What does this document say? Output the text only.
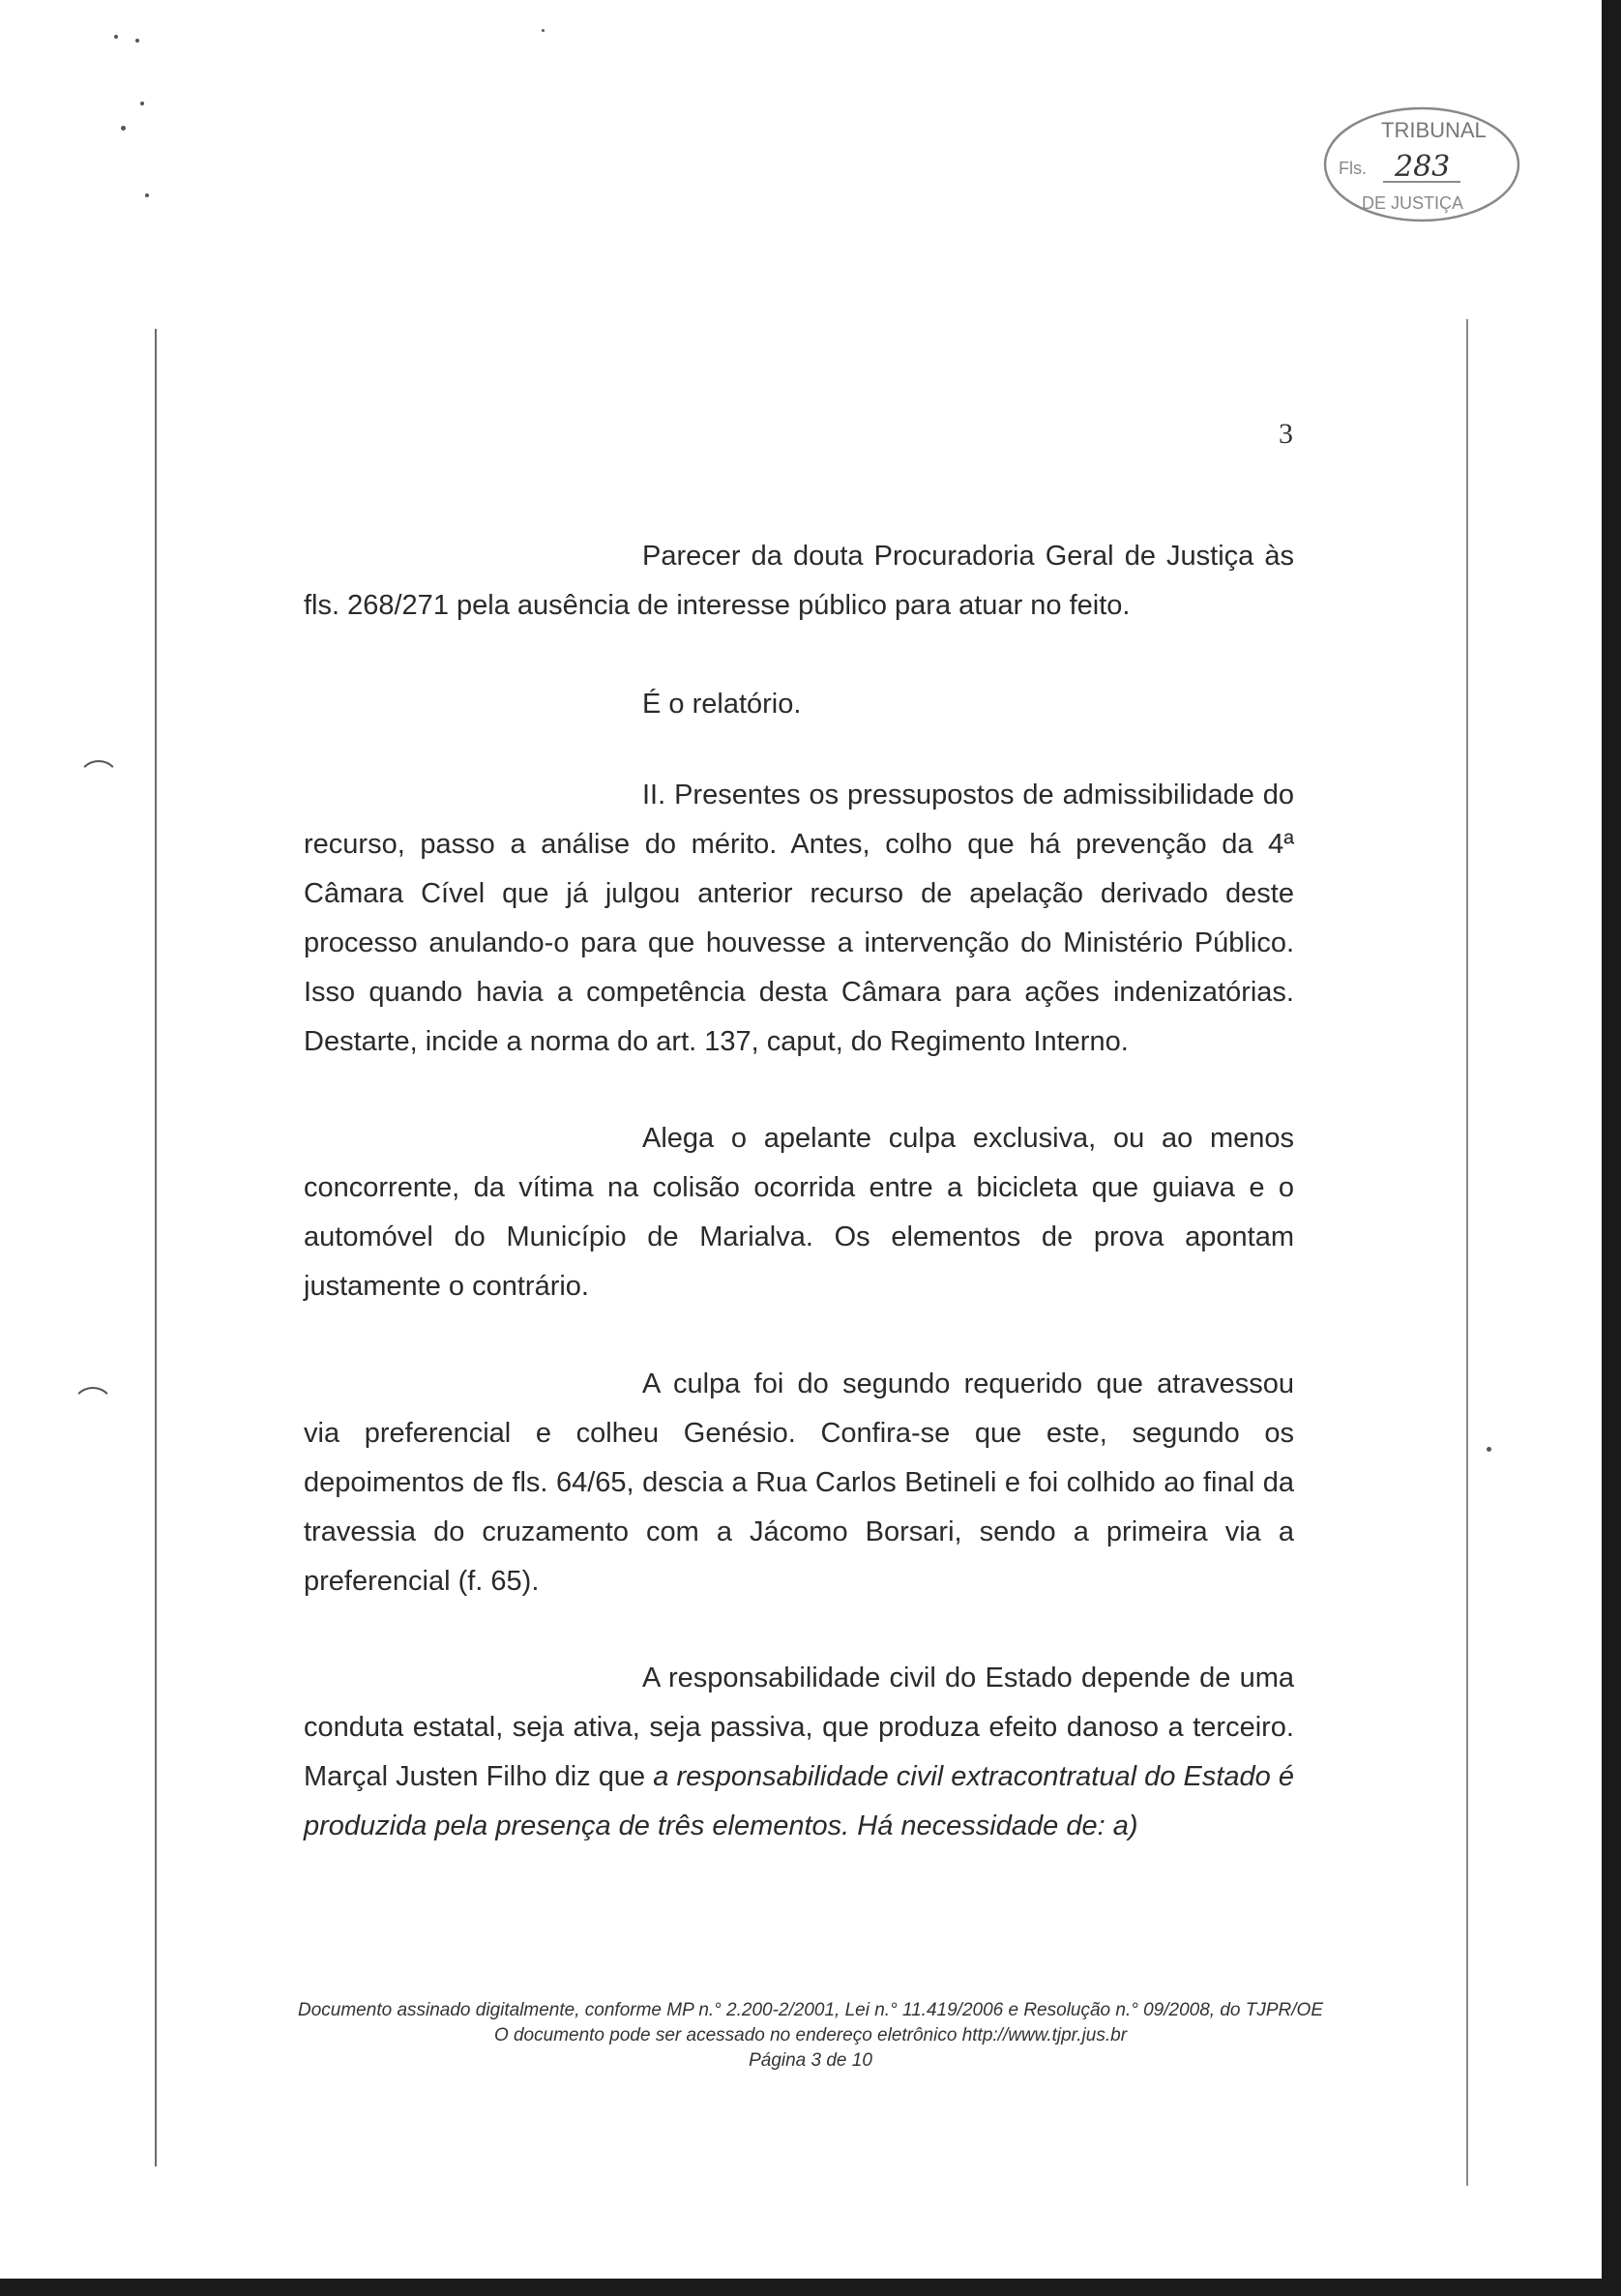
TRIBUNAL
Fls. 283
DE JUSTIÇA
3

Parecer da douta Procuradoria Geral de Justiça às fls. 268/271 pela ausência de interesse público para atuar no feito.

É o relatório.

II. Presentes os pressupostos de admissibilidade do recurso, passo a análise do mérito. Antes, colho que há prevenção da 4ª Câmara Cível que já julgou anterior recurso de apelação derivado deste processo anulando-o para que houvesse a intervenção do Ministério Público. Isso quando havia a competência desta Câmara para ações indenizatórias. Destarte, incide a norma do art. 137, caput, do Regimento Interno.

Alega o apelante culpa exclusiva, ou ao menos concorrente, da vítima na colisão ocorrida entre a bicicleta que guiava e o automóvel do Município de Marialva. Os elementos de prova apontam justamente o contrário.

A culpa foi do segundo requerido que atravessou via preferencial e colheu Genésio. Confira-se que este, segundo os depoimentos de fls. 64/65, descia a Rua Carlos Betineli e foi colhido ao final da travessia do cruzamento com a Jácomo Borsari, sendo a primeira via a preferencial (f. 65).

A responsabilidade civil do Estado depende de uma conduta estatal, seja ativa, seja passiva, que produza efeito danoso a terceiro. Marçal Justen Filho diz que a responsabilidade civil extracontratual do Estado é produzida pela presença de três elementos. Há necessidade de: a)

Documento assinado digitalmente, conforme MP n.° 2.200-2/2001, Lei n.° 11.419/2006 e Resolução n.° 09/2008, do TJPR/OE
O documento pode ser acessado no endereço eletrônico http://www.tjpr.jus.br
Página 3 de 10
